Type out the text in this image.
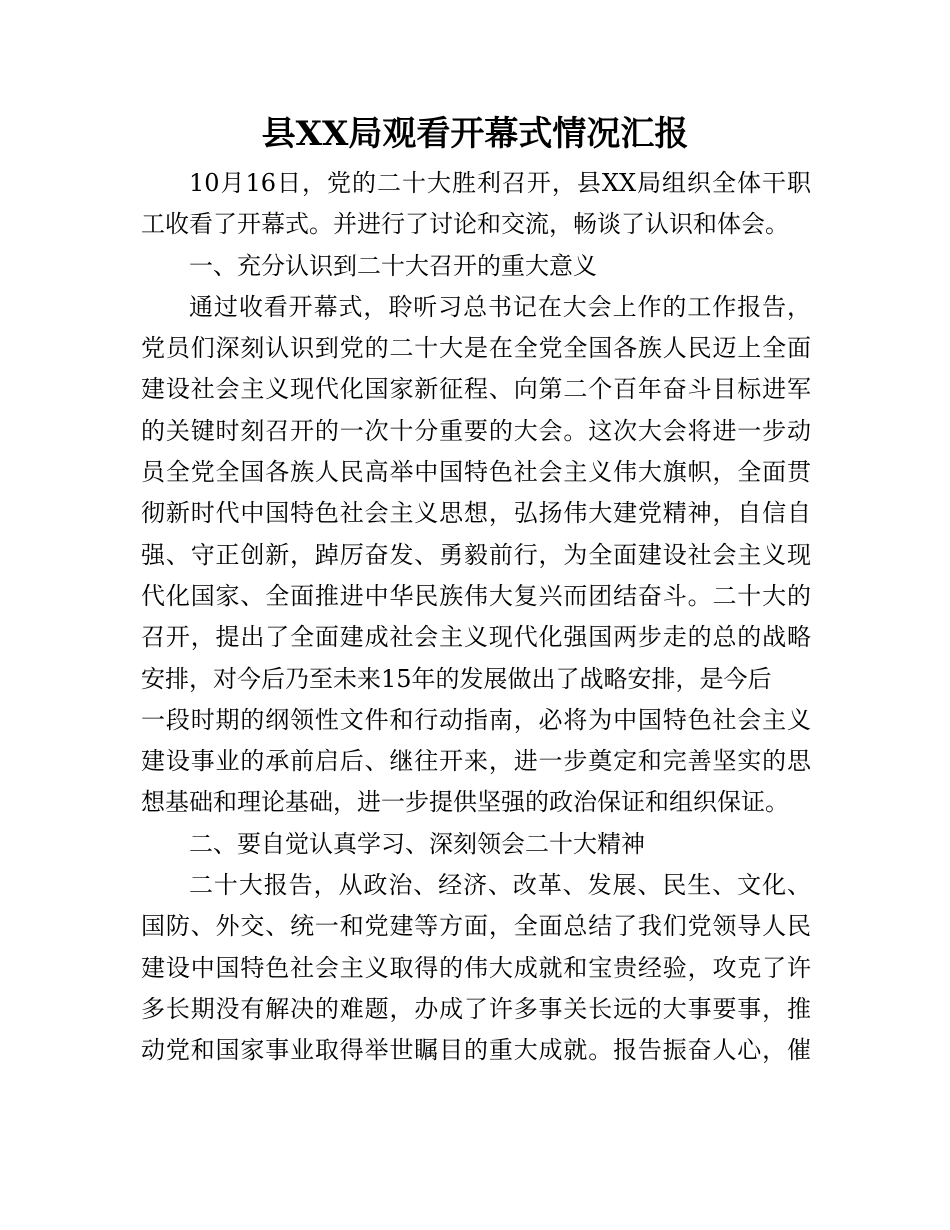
县XX局观看开幕式情况汇报
10月16日，党的二十大胜利召开，县XX局组织全体干职
工收看了开幕式。并进行了讨论和交流，畅谈了认识和体会。
一、充分认识到二十大召开的重大意义
通过收看开幕式，聆听习总书记在大会上作的工作报告，
党员们深刻认识到党的二十大是在全党全国各族人民迈上全面
建设社会主义现代化国家新征程、向第二个百年奋斗目标进军
的关键时刻召开的一次十分重要的大会。这次大会将进一步动
员全党全国各族人民高举中国特色社会主义伟大旗帜，全面贯
彻新时代中国特色社会主义思想，弘扬伟大建党精神，自信自
强、守正创新，踔厉奋发、勇毅前行，为全面建设社会主义现
代化国家、全面推进中华民族伟大复兴而团结奋斗。二十大的
召开，提出了全面建成社会主义现代化强国两步走的总的战略
安排，对今后乃至未来15年的发展做出了战略安排，是今后
一段时期的纲领性文件和行动指南，必将为中国特色社会主义
建设事业的承前启后、继往开来，进一步奠定和完善坚实的思
想基础和理论基础，进一步提供坚强的政治保证和组织保证。
二、要自觉认真学习、深刻领会二十大精神
二十大报告，从政治、经济、改革、发展、民生、文化、
国防、外交、统一和党建等方面，全面总结了我们党领导人民
建设中国特色社会主义取得的伟大成就和宝贵经验，攻克了许
多长期没有解决的难题，办成了许多事关长远的大事要事，推
动党和国家事业取得举世瞩目的重大成就。报告振奋人心，催
